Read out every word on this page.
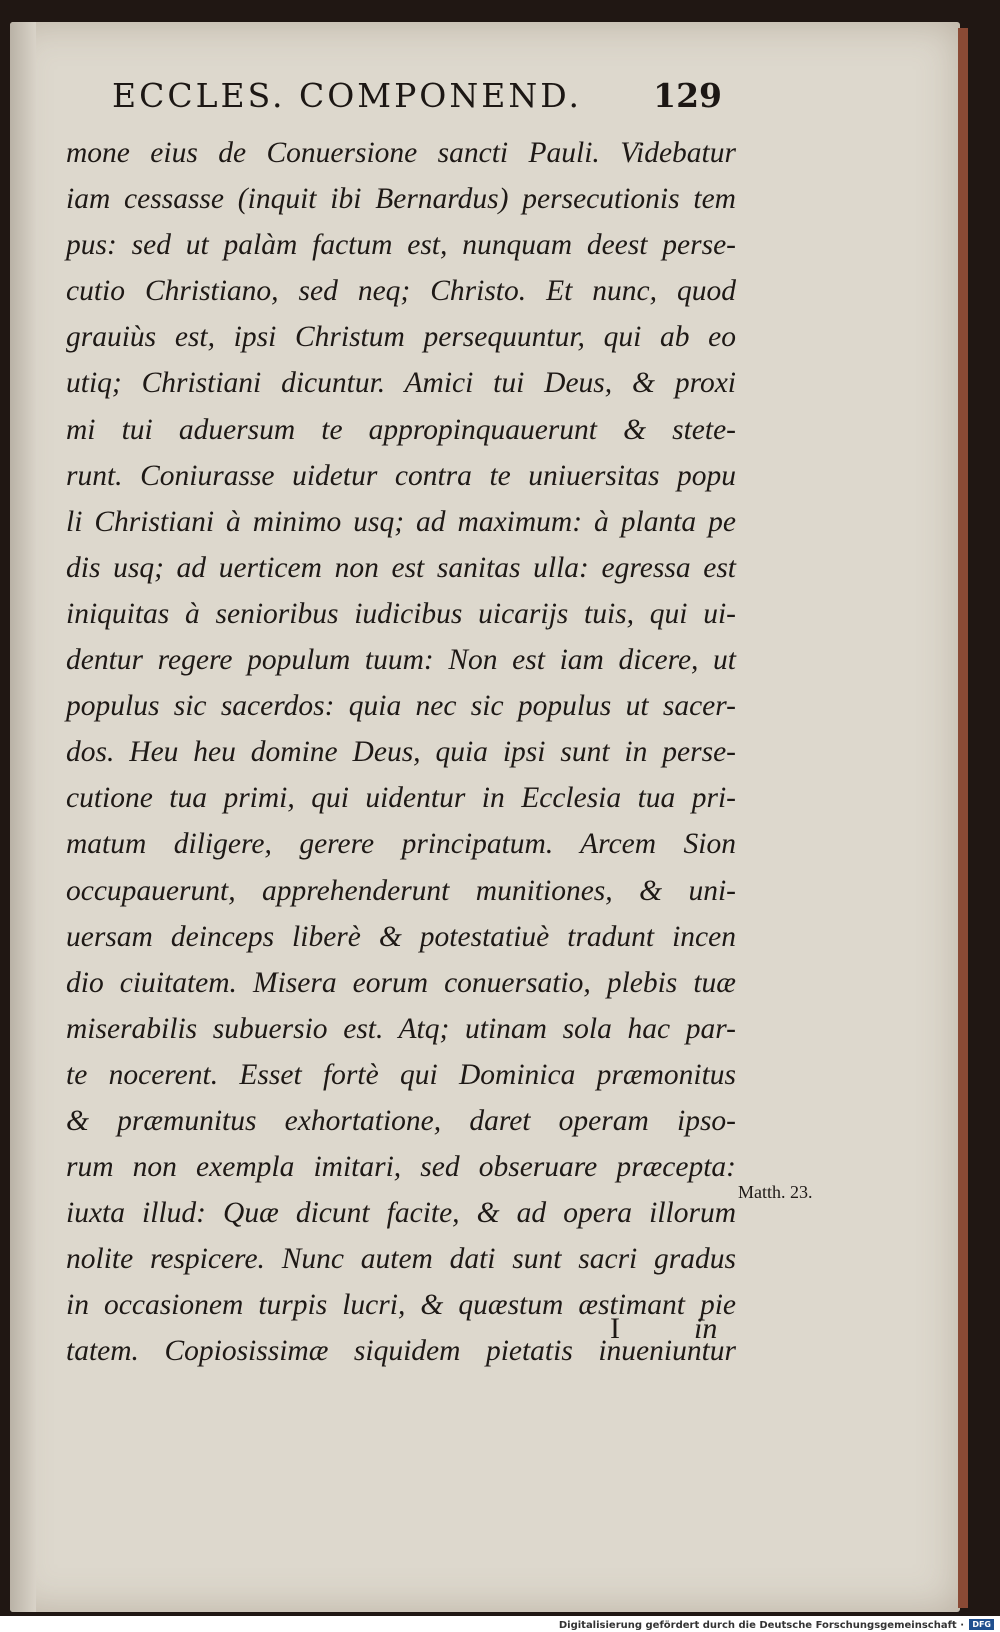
ECCLES. COMPONEND. 129
mone eius de Conuersione sancti Pauli. Videbatur
iam cessasse (inquit ibi Bernardus) persecutionis tem
pus: sed ut palàm factum est, nunquam deest perse-
cutio Christiano, sed neq; Christo. Et nunc, quod
grauiùs est, ipsi Christum persequuntur, qui ab eo
utiq; Christiani dicuntur. Amici tui Deus, & proxi
mi tui aduersum te appropinquauerunt & stete-
runt. Coniurasse uidetur contra te uniuersitas popu
li Christiani à minimo usq; ad maximum: à planta pe
dis usq; ad uerticem non est sanitas ulla: egressa est
iniquitas à senioribus iudicibus uicarijs tuis, qui ui-
dentur regere populum tuum: Non est iam dicere, ut
populus sic sacerdos: quia nec sic populus ut sacer-
dos. Heu heu domine Deus, quia ipsi sunt in perse-
cutione tua primi, qui uidentur in Ecclesia tua pri-
matum diligere, gerere principatum. Arcem Sion
occupauerunt, apprehenderunt munitiones, & uni-
uersam deinceps liberè & potestatiuè tradunt incen
dio ciuitatem. Misera eorum conuersatio, plebis tuæ
miserabilis subuersio est. Atq; utinam sola hac par-
te nocerent. Esset fortè qui Dominica præmonitus
& præmunitus exhortatione, daret operam ipso-
rum non exempla imitari, sed obseruare præcepta:
iuxta illud: Quæ dicunt facite, & ad opera illorum
nolite respicere. Nunc autem dati sunt sacri gradus
in occasionem turpis lucri, & quæstum æstimant pie
tatem. Copiosissimæ siquidem pietatis inueniuntur
Matth. 23.
I in
Digitalisierung gefördert durch die Deutsche Forschungsgemeinschaft ·	DFG
